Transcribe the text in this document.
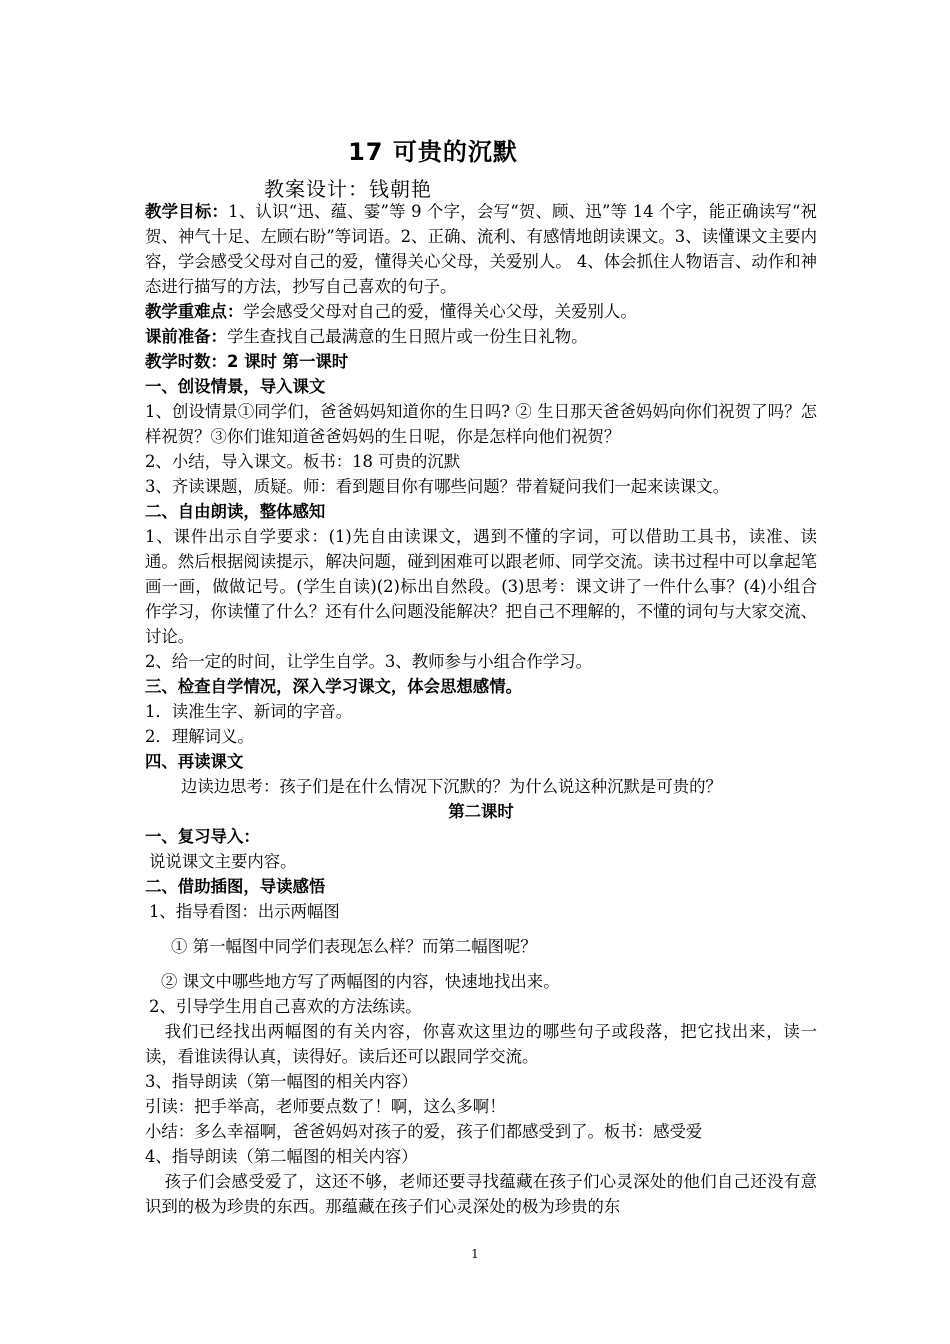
17 可贵的沉默
教案设计：钱朝艳

教学目标：1、认识“迅、蕴、霎”等 9 个字，会写“贺、顾、迅”等 14 个字，能正确读写“祝贺、神气十足、左顾右盼”等词语。2、正确、流利、有感情地朗读课文。3、读懂课文主要内容，学会感受父母对自己的爱，懂得关心父母，关爱别人。 4、体会抓住人物语言、动作和神态进行描写的方法，抄写自己喜欢的句子。

教学重难点：学会感受父母对自己的爱，懂得关心父母，关爱别人。

课前准备：学生查找自己最满意的生日照片或一份生日礼物。

教学时数：2 课时 第一课时

一、创设情景，导入课文

1、创设情景①同学们，爸爸妈妈知道你的生日吗? ② 生日那天爸爸妈妈向你们祝贺了吗？怎样祝贺？③你们谁知道爸爸妈妈的生日呢，你是怎样向他们祝贺？

2、小结，导入课文。板书：18 可贵的沉默

3、齐读课题，质疑。师：看到题目你有哪些问题？带着疑问我们一起来读课文。

二、自由朗读，整体感知

1、课件出示自学要求：(1)先自由读课文，遇到不懂的字词，可以借助工具书，读准、读通。然后根据阅读提示，解决问题，碰到困难可以跟老师、同学交流。读书过程中可以拿起笔画一画，做做记号。(学生自读)(2)标出自然段。(3)思考：课文讲了一件什么事？(4)小组合作学习，你读懂了什么？还有什么问题没能解决？把自己不理解的，不懂的词句与大家交流、讨论。

2、给一定的时间，让学生自学。3、教师参与小组合作学习。

三、检查自学情况，深入学习课文，体会思想感情。

1．读准生字、新词的字音。

2．理解词义。

四、再读课文

边读边思考：孩子们是在什么情况下沉默的？为什么说这种沉默是可贵的？

第二课时

一、复习导入：

说说课文主要内容。

二、借助插图，导读感悟

1、指导看图：出示两幅图

① 第一幅图中同学们表现怎么样？而第二幅图呢？

② 课文中哪些地方写了两幅图的内容，快速地找出来。

2、引导学生用自己喜欢的方法练读。

我们已经找出两幅图的有关内容，你喜欢这里边的哪些句子或段落，把它找出来，读一读，看谁读得认真，读得好。读后还可以跟同学交流。

3、指导朗读（第一幅图的相关内容）

引读：把手举高，老师要点数了！啊，这么多啊！

小结：多么幸福啊，爸爸妈妈对孩子的爱，孩子们都感受到了。板书：感受爱

4、指导朗读（第二幅图的相关内容）

孩子们会感受爱了，这还不够，老师还要寻找蕴藏在孩子们心灵深处的他们自己还没有意识到的极为珍贵的东西。那蕴藏在孩子们心灵深处的极为珍贵的东

1
